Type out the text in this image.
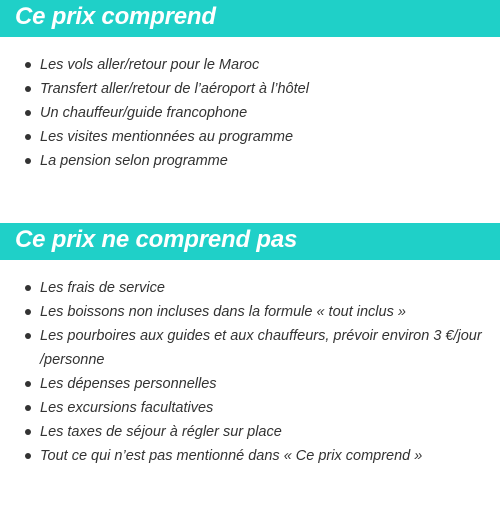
Ce prix comprend
Les vols aller/retour pour le Maroc
Transfert aller/retour de l’aéroport à l’hôtel
Un chauffeur/guide francophone
Les visites mentionnées au programme
La pension selon programme
Ce prix ne comprend pas
Les frais de service
Les boissons non incluses dans la formule « tout inclus »
Les pourboires aux guides et aux chauffeurs, prévoir environ 3 €/jour /personne
Les dépenses personnelles
Les excursions facultatives
Les taxes de séjour à régler sur place
Tout ce qui n’est pas mentionné dans « Ce prix comprend »
